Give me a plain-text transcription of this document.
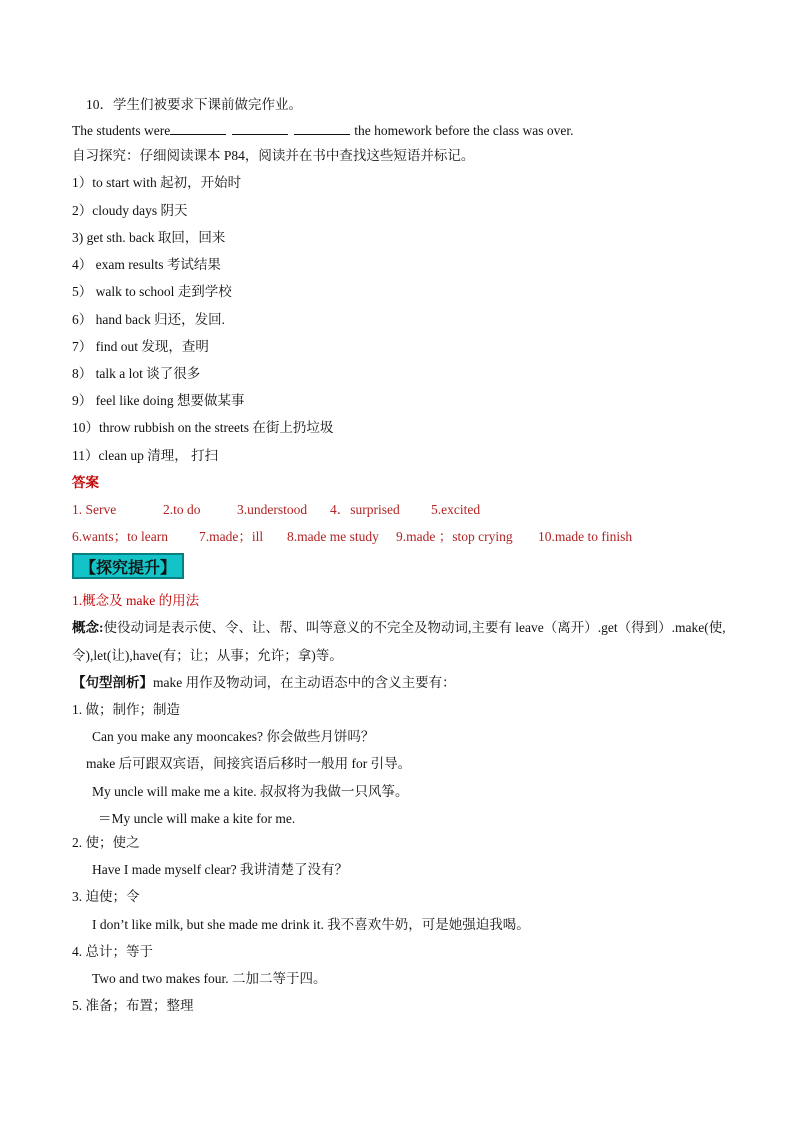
10．学生们被要求下课前做完作业。
The students were	the homework before the class was over.
自习探究：仔细阅读课本 P84，阅读并在书中查找这些短语并标记。
1）to start with 起初，开始时
2）cloudy days 阴天
3) get sth. back 取回，回来
4） exam results 考试结果
5） walk to school 走到学校
6） hand back 归还，发回.
7） find out 发现，查明
8） talk a lot 谈了很多
9） feel like doing 想要做某事
10）throw rubbish on the streets 在街上扔垃圾
11）clean up 清理， 打扫
答案
1. Serve	2.to do	3.understood 4．surprised 5.excited
6.wants；to learn 7.made；ill 8.made me study 9.made ；stop crying 10.made to finish
【探究提升】
1.概念及 make 的用法
概念:使役动词是表示使、令、让、帮、叫等意义的不完全及物动词,主要有 leave（离开）.get（得到）.make(使,
令),let(让),have(有；让；从事；允许；拿)等。
【句型剖析】make 用作及物动词，在主动语态中的含义主要有：
1. 做；制作；制造
Can you make any mooncakes? 你会做些月饼吗？
make 后可跟双宾语，间接宾语后移时一般用 for 引导。
My uncle will make me a kite. 叔叔将为我做一只风筝。
＝My uncle will make a kite for me.
2. 使；使之
Have I made myself clear? 我讲清楚了没有？
3. 迫使；令
I don’t like milk, but she made me drink it. 我不喜欢牛奶，可是她强迫我喝。
4. 总计；等于
Two and two makes four. 二加二等于四。
5. 准备；布置；整理
